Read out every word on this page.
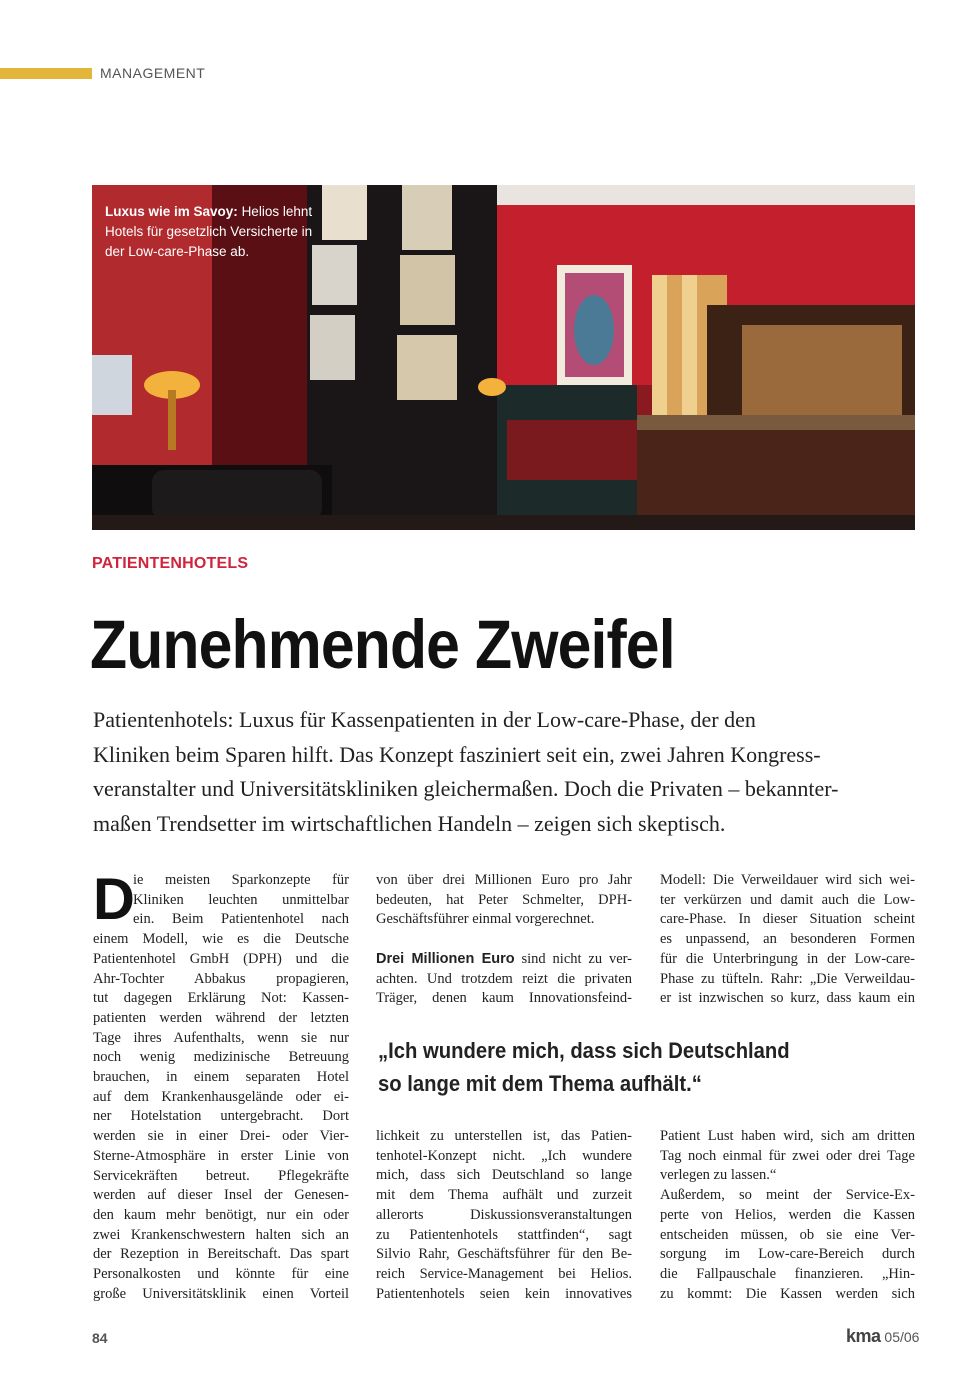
MANAGEMENT
Luxus wie im Savoy: Helios lehnt
Hotels für gesetzlich Versicherte in
der Low-care-Phase ab.
PATIENTENHOTELS
Zunehmende Zweifel
Patientenhotels: Luxus für Kassenpatienten in der Low-care-Phase, der den
Kliniken beim Sparen hilft. Das Konzept fasziniert seit ein, zwei Jahren Kongress-
veranstalter und Universitätskliniken gleichermaßen. Doch die Privaten – bekannter-
maßen Trendsetter im wirtschaftlichen Handeln – zeigen sich skeptisch.
D
ie meisten Sparkonzepte für
Kliniken leuchten unmittelbar
ein. Beim Patientenhotel nach
einem Modell, wie es die Deutsche
Patientenhotel GmbH (DPH) und die
Ahr-Tochter Abbakus propagieren,
tut dagegen Erklärung Not: Kassen-
patienten werden während der letzten
Tage ihres Aufenthalts, wenn sie nur
noch wenig medizinische Betreuung
brauchen, in einem separaten Hotel
auf dem Krankenhausgelände oder ei-
ner Hotelstation untergebracht. Dort
werden sie in einer Drei- oder Vier-
Sterne-Atmosphäre in erster Linie von
Servicekräften betreut. Pflegekräfte
werden auf dieser Insel der Genesen-
den kaum mehr benötigt, nur ein oder
zwei Krankenschwestern halten sich an
der Rezeption in Bereitschaft. Das spart
Personalkosten und könnte für eine
große Universitätsklinik einen Vorteil
von über drei Millionen Euro pro Jahr
bedeuten, hat Peter Schmelter, DPH-
Geschäftsführer einmal vorgerechnet.
Drei Millionen Euro sind nicht zu ver-
achten. Und trotzdem reizt die privaten
Träger, denen kaum Innovationsfeind-
Modell: Die Verweildauer wird sich wei-
ter verkürzen und damit auch die Low-
care-Phase. In dieser Situation scheint
es unpassend, an besonderen Formen
für die Unterbringung in der Low-care-
Phase zu tüfteln. Rahr: „Die Verweildau-
er ist inzwischen so kurz, dass kaum ein
„Ich wundere mich, dass sich Deutschland
so lange mit dem Thema aufhält.“
lichkeit zu unterstellen ist, das Patien-
tenhotel-Konzept nicht. „Ich wundere
mich, dass sich Deutschland so lange
mit dem Thema aufhält und zurzeit
allerorts Diskussionsveranstaltungen
zu Patientenhotels stattfinden“, sagt
Silvio Rahr, Geschäftsführer für den Be-
reich Service-Management bei Helios.
Patientenhotels seien kein innovatives
Patient Lust haben wird, sich am dritten
Tag noch einmal für zwei oder drei Tage
verlegen zu lassen.“
Außerdem, so meint der Service-Ex-
perte von Helios, werden die Kassen
entscheiden müssen, ob sie eine Ver-
sorgung im Low-care-Bereich durch
die Fallpauschale finanzieren. „Hin-
zu kommt: Die Kassen werden sich
84	kma 05/06
